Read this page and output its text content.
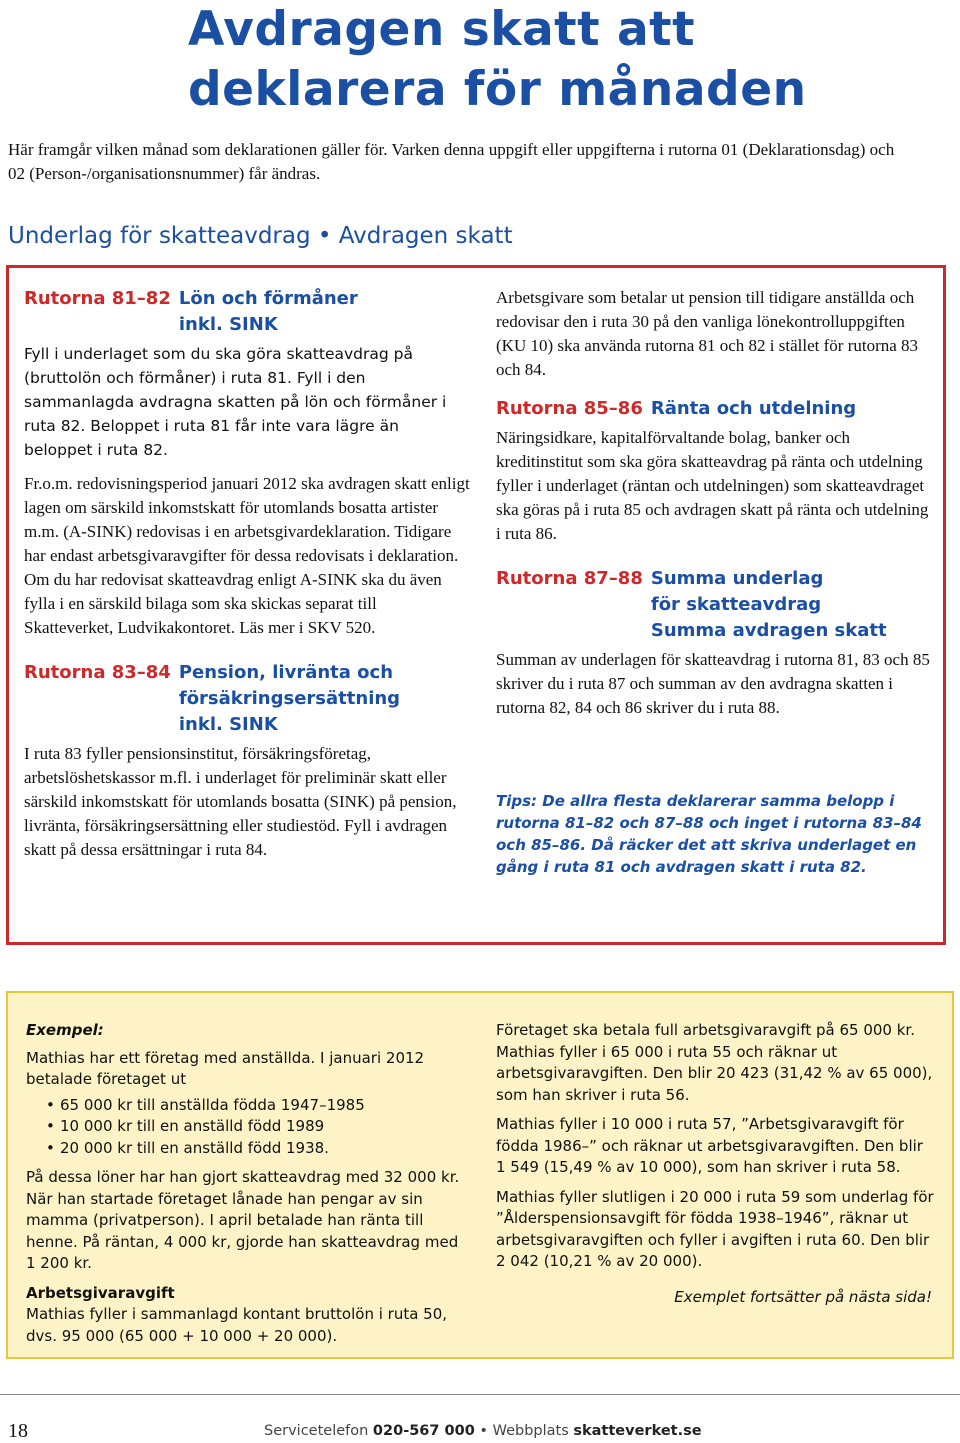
Avdragen skatt att deklarera för månaden
Här framgår vilken månad som deklarationen gäller för. Varken denna uppgift eller uppgifterna i rutorna 01 (Deklarationsdag) och 02 (Person-/organisationsnummer) får ändras.
Underlag för skatteavdrag • Avdragen skatt
Rutorna 81–82 Lön och förmåner
inkl. SINK

Fyll i underlaget som du ska göra skatteavdrag på (bruttolön och förmåner) i ruta 81. Fyll i den sammanlagda avdragna skatten på lön och förmåner i ruta 82. Beloppet i ruta 81 får inte vara lägre än beloppet i ruta 82.

Fr.o.m. redovisningsperiod januari 2012 ska avdragen skatt enligt lagen om särskild inkomstskatt för utomlands bosatta artister m.m. (A-SINK) redovisas i en arbetsgivardeklaration. Tidigare har endast arbetsgivaravgifter för dessa redovisats i deklaration. Om du har redovisat skatteavdrag enligt A-SINK ska du även fylla i en särskild bilaga som ska skickas separat till Skatteverket, Ludvikakontoret. Läs mer i SKV 520.

Rutorna 83–84 Pension, livränta och
försäkringsersättning
inkl. SINK

I ruta 83 fyller pensionsinstitut, försäkringsföretag, arbetslöshetskassor m.fl. i underlaget för preliminär skatt eller särskild inkomstskatt för utomlands bosatta (SINK) på pension, livränta, försäkringsersättning eller studiestöd. Fyll i avdragen skatt på dessa ersättningar i ruta 84.

Arbetsgivare som betalar ut pension till tidigare anställda och redovisar den i ruta 30 på den vanliga lönekontrolluppgiften (KU 10) ska använda rutorna 81 och 82 i stället för rutorna 83 och 84.

Rutorna 85–86 Ränta och utdelning

Näringsidkare, kapitalförvaltande bolag, banker och kreditinstitut som ska göra skatteavdrag på ränta och utdelning fyller i underlaget (räntan och utdelningen) som skatteavdraget ska göras på i ruta 85 och avdragen skatt på ränta och utdelning i ruta 86.

Rutorna 87–88 Summa underlag
för skatteavdrag
Summa avdragen skatt

Summan av underlagen för skatteavdrag i rutorna 81, 83 och 85 skriver du i ruta 87 och summan av den avdragna skatten i rutorna 82, 84 och 86 skriver du i ruta 88.

Tips: De allra flesta deklarerar samma belopp i rutorna 81–82 och 87–88 och inget i rutorna 83–84 och 85–86. Då räcker det att skriva underlaget en gång i ruta 81 och avdragen skatt i ruta 82.

Exempel:

Mathias har ett företag med anställda. I januari 2012 betalade företaget ut

• 65 000 kr till anställda födda 1947–1985
• 10 000 kr till en anställd född 1989
• 20 000 kr till en anställd född 1938.

På dessa löner har han gjort skatteavdrag med 32 000 kr. När han startade företaget lånade han pengar av sin mamma (privatperson). I april betalade han ränta till henne. På räntan, 4 000 kr, gjorde han skatteavdrag med 1 200 kr.

Arbetsgivaravgift

Mathias fyller i sammanlagd kontant bruttolön i ruta 50, dvs. 95 000 (65 000 + 10 000 + 20 000).

Företaget ska betala full arbetsgivaravgift på 65 000 kr. Mathias fyller i 65 000 i ruta 55 och räknar ut arbetsgivaravgiften. Den blir 20 423 (31,42 % av 65 000), som han skriver i ruta 56.

Mathias fyller i 10 000 i ruta 57, ”Arbetsgivaravgift för födda 1986–” och räknar ut arbetsgivaravgiften. Den blir 1 549 (15,49 % av 10 000), som han skriver i ruta 58.

Mathias fyller slutligen i 20 000 i ruta 59 som underlag för ”Ålderspensionsavgift för födda 1938–1946”, räknar ut arbetsgivaravgiften och fyller i avgiften i ruta 60. Den blir 2 042 (10,21 % av 20 000).

Exemplet fortsätter på nästa sida!

18	Servicetelefon 020-567 000 • Webbplats skatteverket.se
